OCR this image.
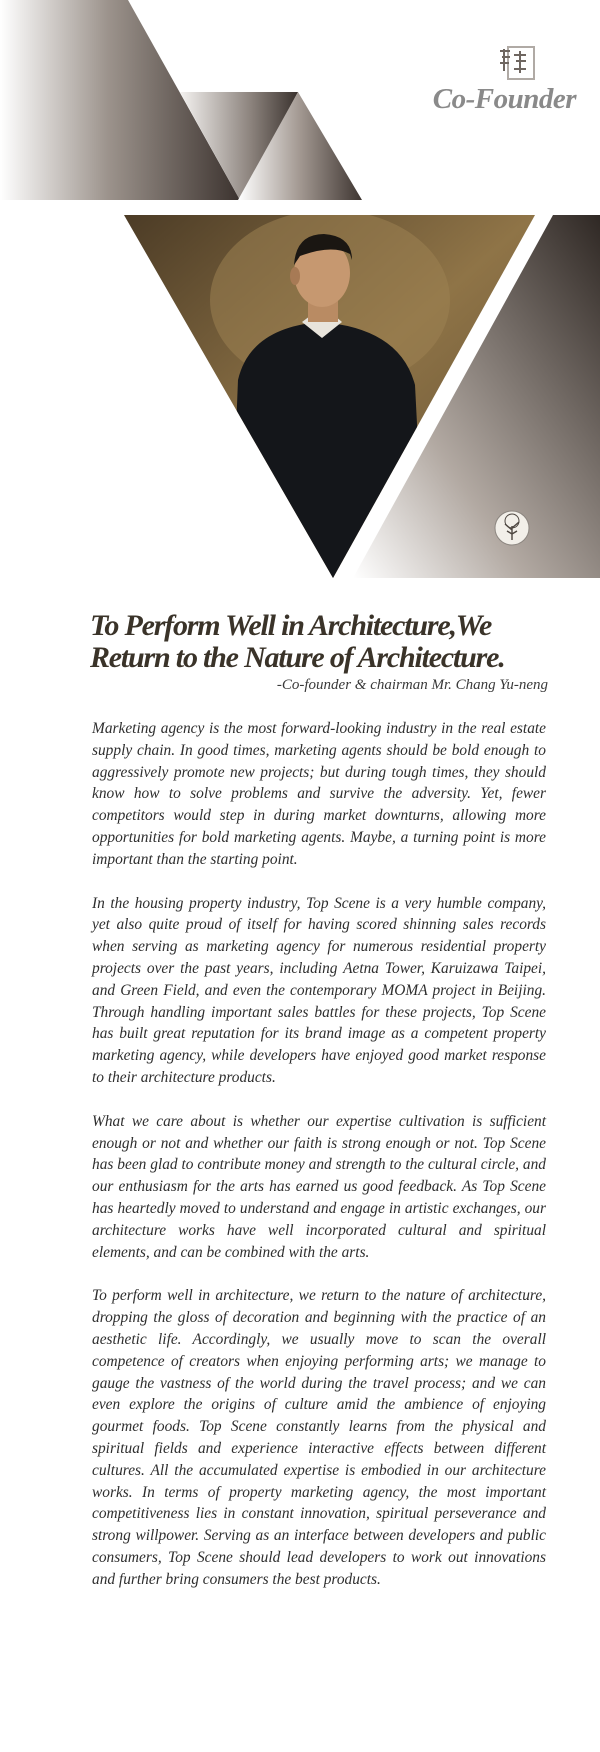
Co-Founder
To Perform Well in Architecture,We
Return to the Nature of Architecture.
-Co-founder & chairman Mr. Chang Yu-neng

Marketing agency is the most forward-looking industry in the real estate supply chain. In good times, marketing agents should be bold enough to aggressively promote new projects; but during tough times, they should know how to solve problems and survive the adversity. Yet, fewer competitors would step in during market downturns, allowing more opportunities for bold marketing agents. Maybe, a turning point is more important than the starting point.

In the housing property industry, Top Scene is a very humble company, yet also quite proud of itself for having scored shinning sales records when serving as marketing agency for numerous residential property projects over the past years, including Aetna Tower, Karuizawa Taipei, and Green Field, and even the contemporary MOMA project in Beijing. Through handling important sales battles for these projects, Top Scene has built great reputation for its brand image as a competent property marketing agency, while developers have enjoyed good market response to their architecture products.

What we care about is whether our expertise cultivation is sufficient enough or not and whether our faith is strong enough or not. Top Scene has been glad to contribute money and strength to the cultural circle, and our enthusiasm for the arts has earned us good feedback. As Top Scene has heartedly moved to understand and engage in artistic exchanges, our architecture works have well incorporated cultural and spiritual elements, and can be combined with the arts.

To perform well in architecture, we return to the nature of architecture, dropping the gloss of decoration and beginning with the practice of an aesthetic life. Accordingly, we usually move to scan the overall competence of creators when enjoying performing arts; we manage to gauge the vastness of the world during the travel process; and we can even explore the origins of culture amid the ambience of enjoying gourmet foods. Top Scene constantly learns from the physical and spiritual fields and experience interactive effects between different cultures. All the accumulated expertise is embodied in our architecture works. In terms of property marketing agency, the most important competitiveness lies in constant innovation, spiritual perseverance and strong willpower. Serving as an interface between developers and public consumers, Top Scene should lead developers to work out innovations and further bring consumers the best products.
